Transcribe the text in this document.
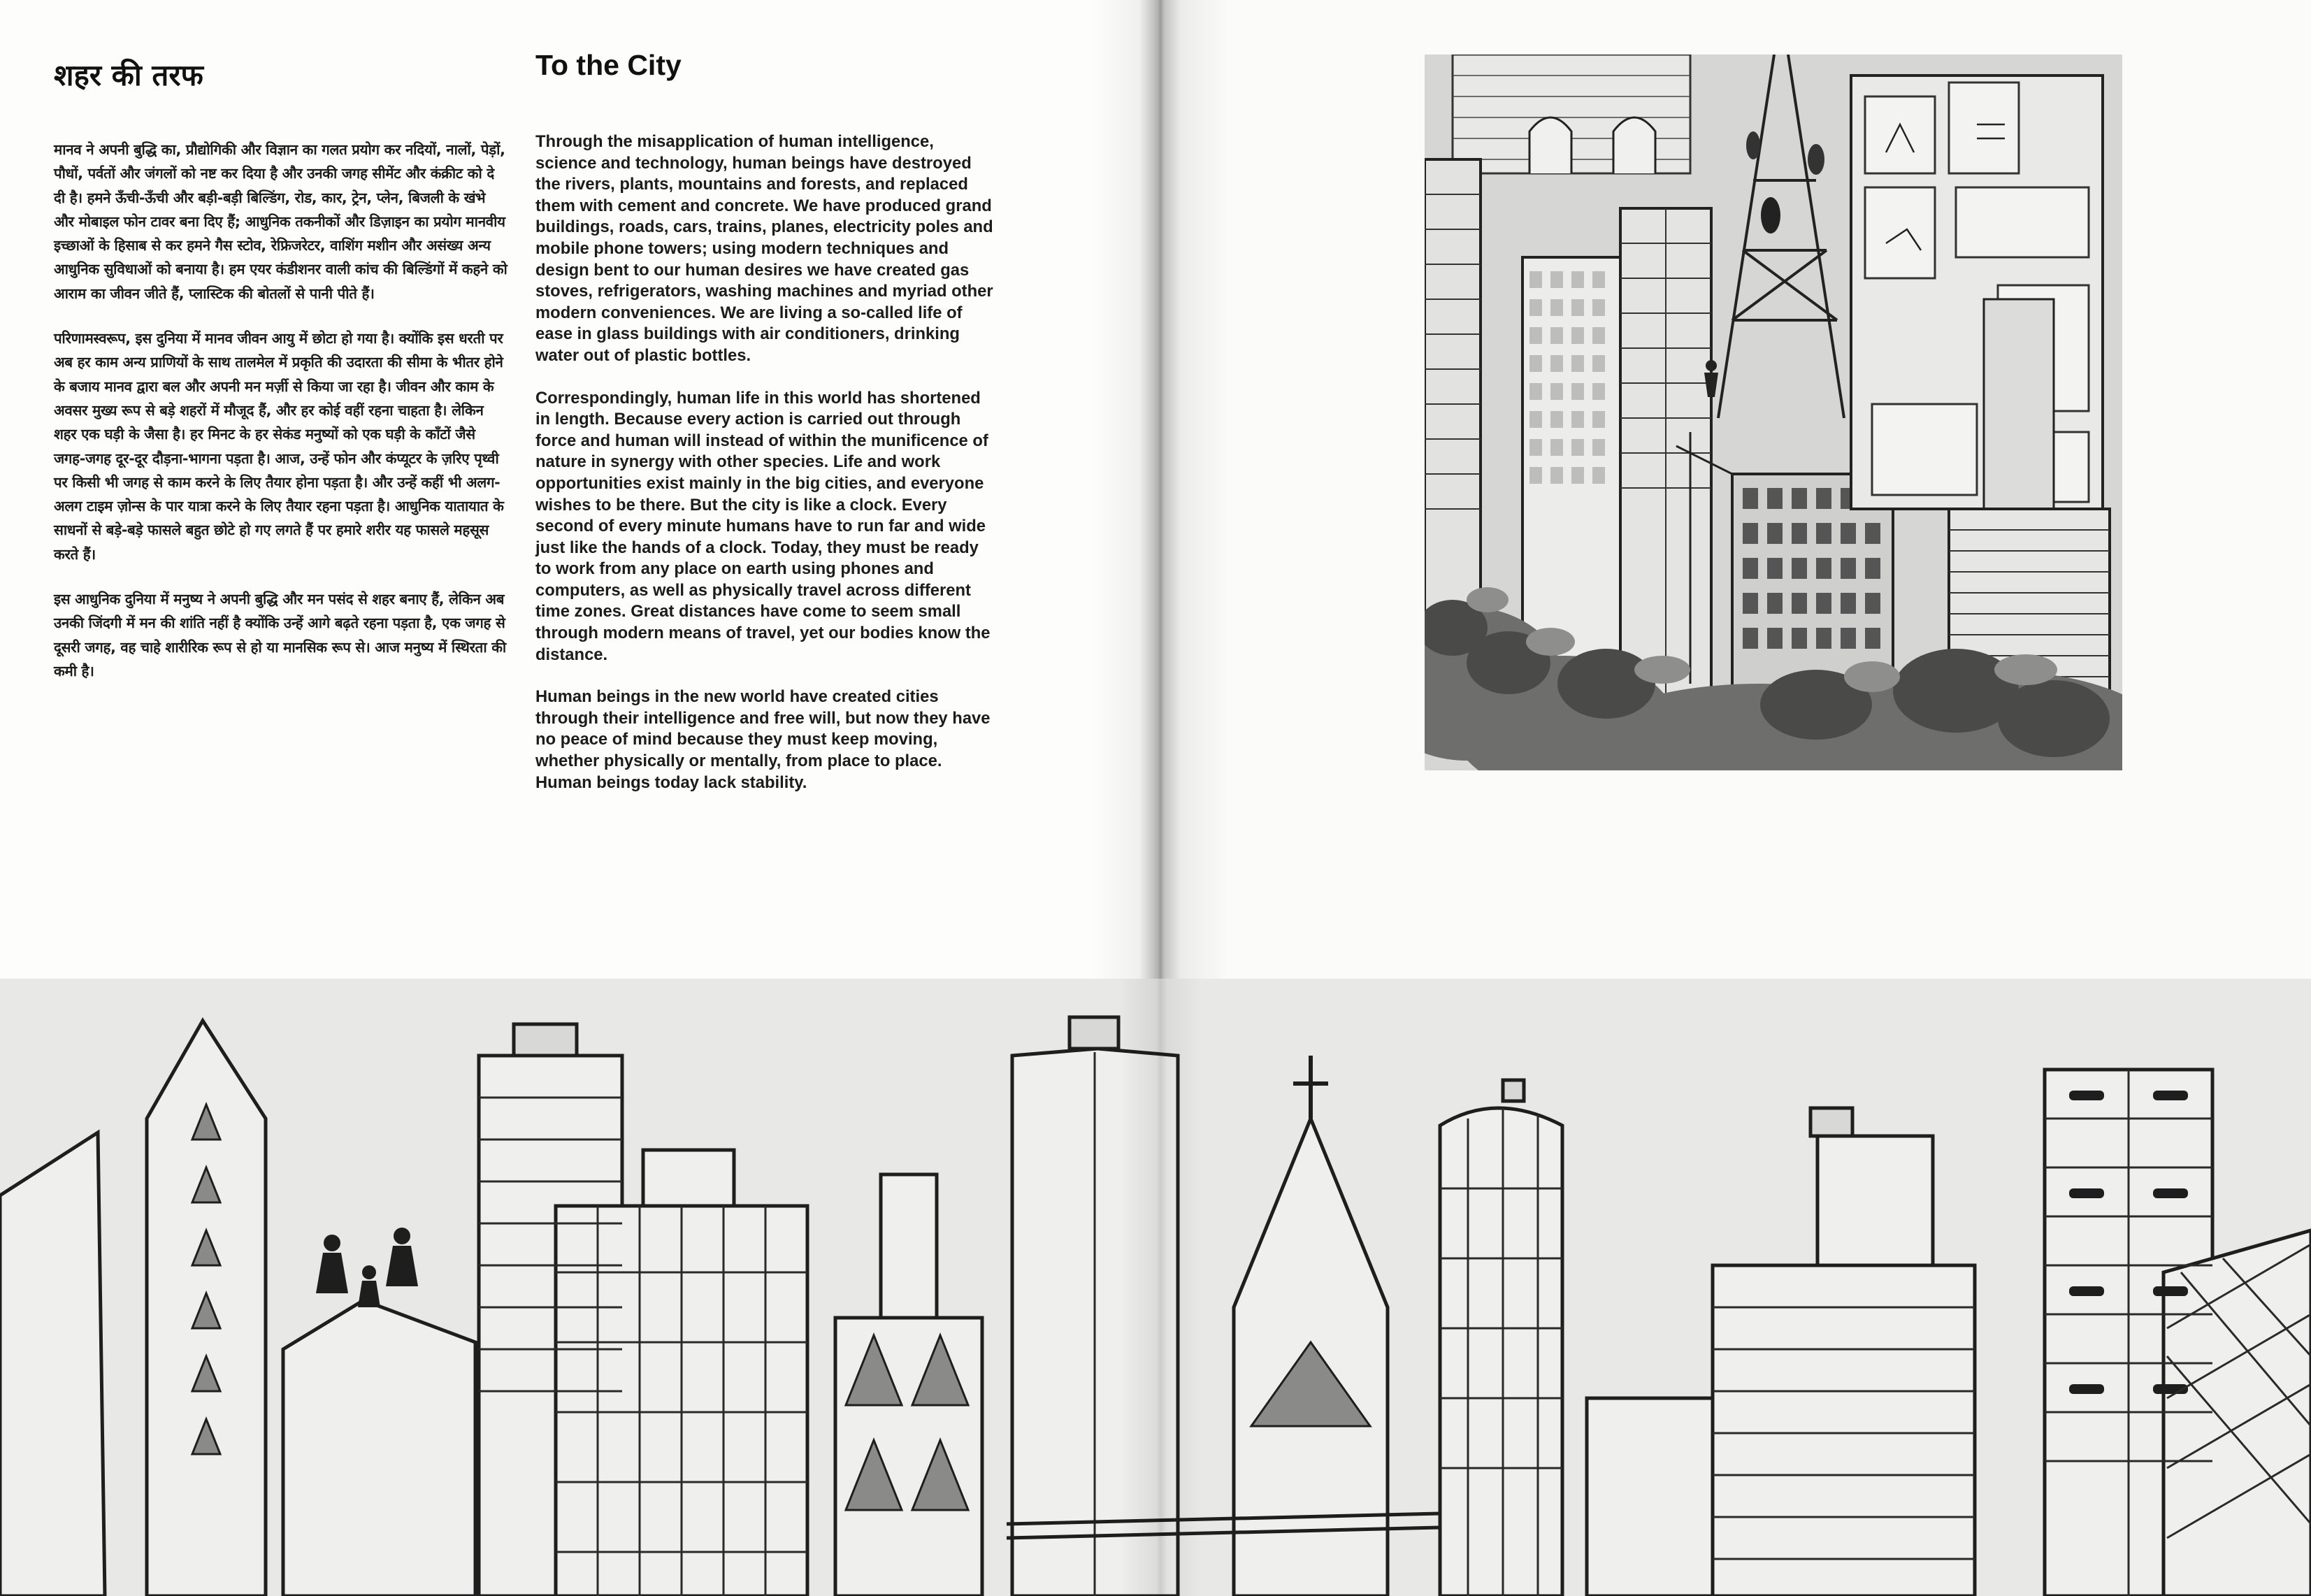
शहर की तरफ

मानव ने अपनी बुद्धि का, प्रौद्योगिकी और विज्ञान का गलत प्रयोग कर नदियों, नालों, पेड़ों, पौधों, पर्वतों और जंगलों को नष्ट कर दिया है और उनकी जगह सीमेंट और कंक्रीट को दे दी है। हमने ऊँची-ऊँची और बड़ी-बड़ी बिल्डिंग, रोड, कार, ट्रेन, प्लेन, बिजली के खंभे और मोबाइल फोन टावर बना दिए हैं; आधुनिक तकनीकों और डिज़ाइन का प्रयोग मानवीय इच्छाओं के हिसाब से कर हमने गैस स्टोव, रेफ्रिजरेटर, वाशिंग मशीन और असंख्य अन्य आधुनिक सुविधाओं को बनाया है। हम एयर कंडीशनर वाली कांच की बिल्डिंगों में कहने को आराम का जीवन जीते हैं, प्लास्टिक की बोतलों से पानी पीते हैं।

परिणामस्वरूप, इस दुनिया में मानव जीवन आयु में छोटा हो गया है। क्योंकि इस धरती पर अब हर काम अन्य प्राणियों के साथ तालमेल में प्रकृति की उदारता की सीमा के भीतर होने के बजाय मानव द्वारा बल और अपनी मन मर्ज़ी से किया जा रहा है। जीवन और काम के अवसर मुख्य रूप से बड़े शहरों में मौजूद हैं, और हर कोई वहीं रहना चाहता है। लेकिन शहर एक घड़ी के जैसा है। हर मिनट के हर सेकंड मनुष्यों को एक घड़ी के काँटों जैसे जगह-जगह दूर-दूर दौड़ना-भागना पड़ता है। आज, उन्हें फोन और कंप्यूटर के ज़रिए पृथ्वी पर किसी भी जगह से काम करने के लिए तैयार होना पड़ता है। और उन्हें कहीं भी अलग-अलग टाइम ज़ोन्स के पार यात्रा करने के लिए तैयार रहना पड़ता है। आधुनिक यातायात के साधनों से बड़े-बड़े फासले बहुत छोटे हो गए लगते हैं पर हमारे शरीर यह फासले महसूस करते हैं।

इस आधुनिक दुनिया में मनुष्य ने अपनी बुद्धि और मन पसंद से शहर बनाए हैं, लेकिन अब उनकी जिंदगी में मन की शांति नहीं है क्योंकि उन्हें आगे बढ़ते रहना पड़ता है, एक जगह से दूसरी जगह, वह चाहे शारीरिक रूप से हो या मानसिक रूप से। आज मनुष्य में स्थिरता की कमी है।

To the City

Through the misapplication of human intelligence, science and technology, human beings have destroyed the rivers, plants, mountains and forests, and replaced them with cement and concrete. We have produced grand buildings, roads, cars, trains, planes, electricity poles and mobile phone towers; using modern techniques and design bent to our human desires we have created gas stoves, refrigerators, washing machines and myriad other modern conveniences. We are living a so-called life of ease in glass buildings with air conditioners, drinking water out of plastic bottles.

Correspondingly, human life in this world has shortened in length. Because every action is carried out through force and human will instead of within the munificence of nature in synergy with other species. Life and work opportunities exist mainly in the big cities, and everyone wishes to be there. But the city is like a clock. Every second of every minute humans have to run far and wide just like the hands of a clock. Today, they must be ready to work from any place on earth using phones and computers, as well as physically travel across different time zones. Great distances have come to seem small through modern means of travel, yet our bodies know the distance.

Human beings in the new world have created cities through their intelligence and free will, but now they have no peace of mind because they must keep moving, whether physically or mentally, from place to place. Human beings today lack stability.
